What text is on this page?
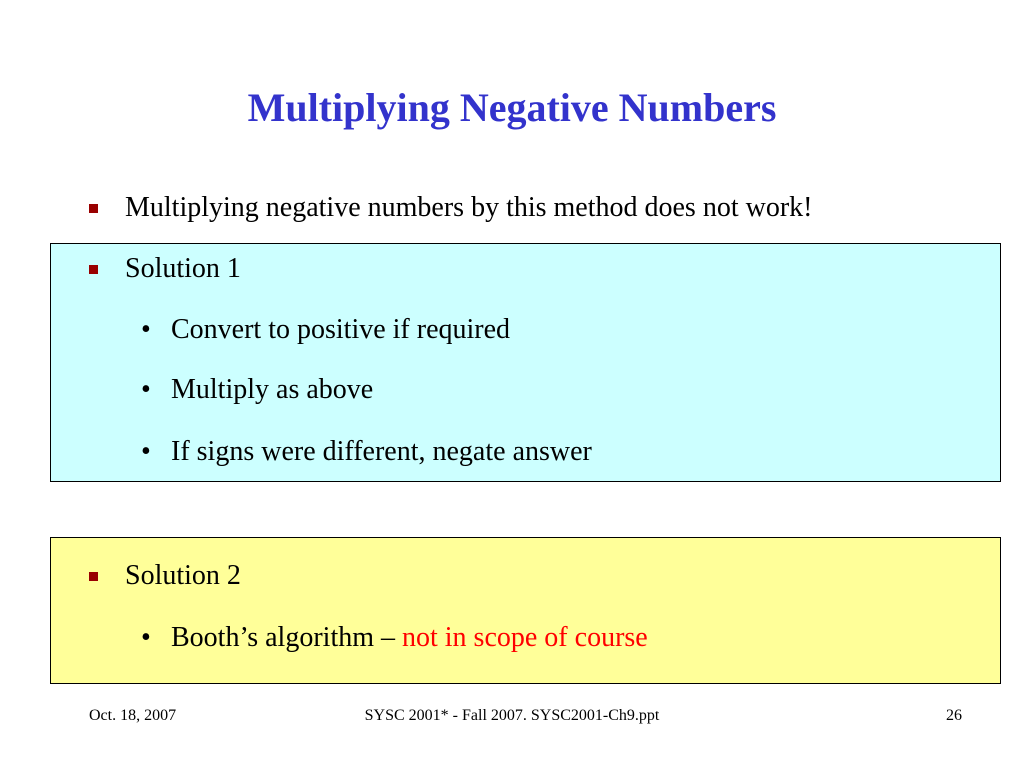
Multiplying Negative Numbers
Multiplying negative numbers by this method does not work!
Solution 1
• Convert to positive if required
• Multiply as above
• If signs were different, negate answer
Solution 2
• Booth’s algorithm – not in scope of course
Oct. 18, 2007	SYSC 2001* - Fall 2007. SYSC2001-Ch9.ppt	26
